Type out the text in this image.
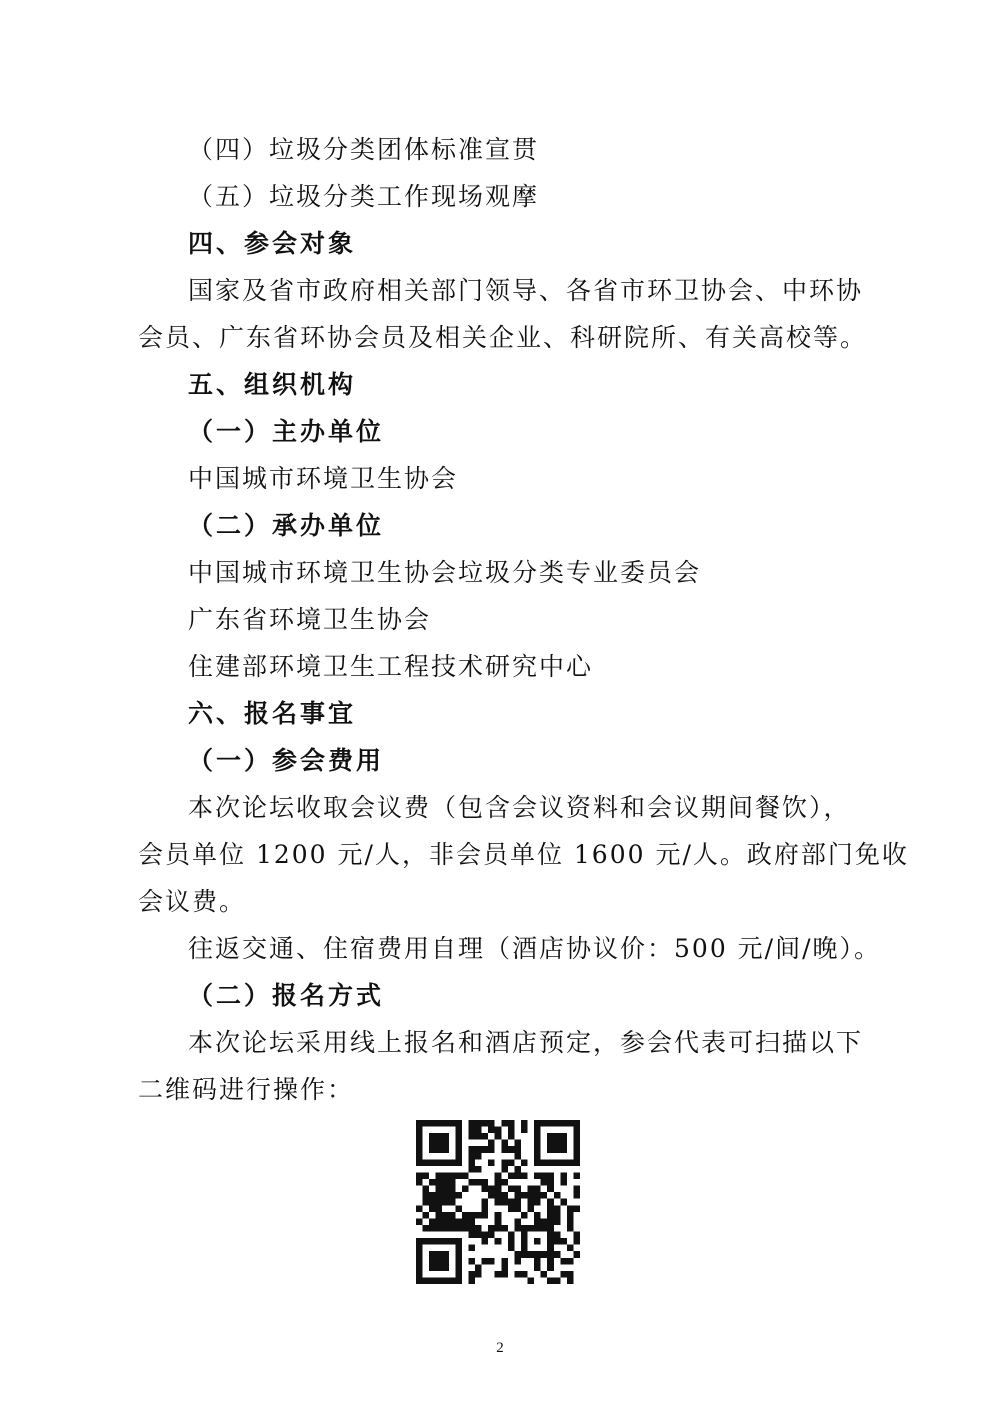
（四）垃圾分类团体标准宣贯
（五）垃圾分类工作现场观摩
四、参会对象
国家及省市政府相关部门领导、各省市环卫协会、中环协
会员、广东省环协会员及相关企业、科研院所、有关高校等。
五、组织机构
（一）主办单位
中国城市环境卫生协会
（二）承办单位
中国城市环境卫生协会垃圾分类专业委员会
广东省环境卫生协会
住建部环境卫生工程技术研究中心
六、报名事宜
（一）参会费用
本次论坛收取会议费（包含会议资料和会议期间餐饮），
会员单位 1200 元/人，非会员单位 1600 元/人。政府部门免收
会议费。
往返交通、住宿费用自理（酒店协议价：500 元/间/晚）。
（二）报名方式
本次论坛采用线上报名和酒店预定，参会代表可扫描以下
二维码进行操作：
2
